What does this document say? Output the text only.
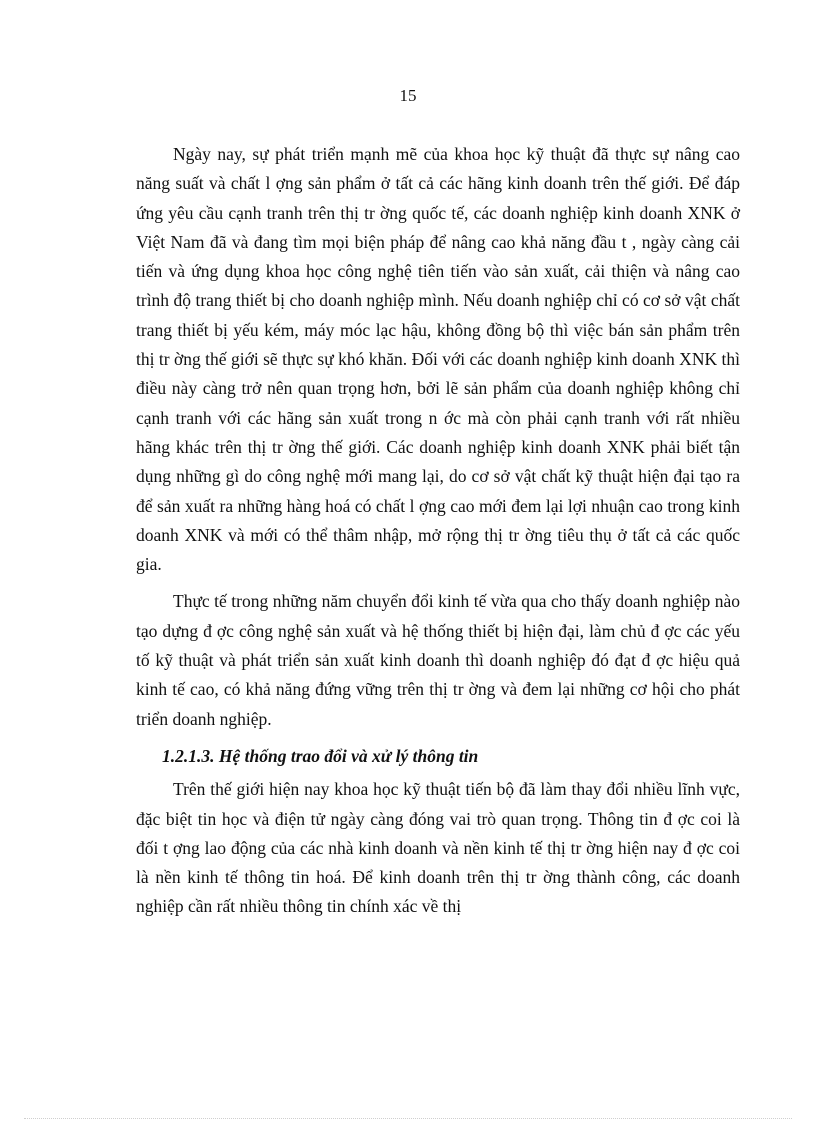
15

Ngày nay, sự phát triển mạnh mẽ của khoa học kỹ thuật đã thực sự nâng cao năng suất và chất l ợng sản phẩm ở tất cả các hãng kinh doanh trên thế giới. Để đáp ứng yêu cầu cạnh tranh trên thị tr ờng quốc tế, các doanh nghiệp kinh doanh XNK ở Việt Nam đã và đang tìm mọi biện pháp để nâng cao khả năng đầu t , ngày càng cải tiến và ứng dụng khoa học công nghệ tiên tiến vào sản xuất, cải thiện và nâng cao trình độ trang thiết bị cho doanh nghiệp mình. Nếu doanh nghiệp chỉ có cơ sở vật chất trang thiết bị yếu kém, máy móc lạc hậu, không đồng bộ thì việc bán sản phẩm trên thị tr ờng thế giới sẽ thực sự khó khăn. Đối với các doanh nghiệp kinh doanh XNK thì điều này càng trở nên quan trọng hơn, bởi lẽ sản phẩm của doanh nghiệp không chỉ cạnh tranh với các hãng sản xuất trong n ớc mà còn phải cạnh tranh với rất nhiều hãng khác trên thị tr ờng thế giới. Các doanh nghiệp kinh doanh XNK phải biết tận dụng những gì do công nghệ mới mang lại, do cơ sở vật chất kỹ thuật hiện đại tạo ra để sản xuất ra những hàng hoá có chất l ợng cao mới đem lại lợi nhuận cao trong kinh doanh XNK và mới có thể thâm nhập, mở rộng thị tr ờng tiêu thụ ở tất cả các quốc gia.

Thực tế trong những năm chuyển đổi kinh tế vừa qua cho thấy doanh nghiệp nào tạo dựng đ ợc công nghệ sản xuất và hệ thống thiết bị hiện đại, làm chủ đ ợc các yếu tố kỹ thuật và phát triển sản xuất kinh doanh thì doanh nghiệp đó đạt đ ợc hiệu quả kinh tế cao, có khả năng đứng vững trên thị tr ờng và đem lại những cơ hội cho phát triển doanh nghiệp.

1.2.1.3. Hệ thống trao đổi và xử lý thông tin

Trên thế giới hiện nay khoa học kỹ thuật tiến bộ đã làm thay đổi nhiều lĩnh vực, đặc biệt tin học và điện tử ngày càng đóng vai trò quan trọng. Thông tin đ ợc coi là đối t ợng lao động của các nhà kinh doanh và nền kinh tế thị tr ờng hiện nay đ ợc coi là nền kinh tế thông tin hoá. Để kinh doanh trên thị tr ờng thành công, các doanh nghiệp cần rất nhiều thông tin chính xác về thị
